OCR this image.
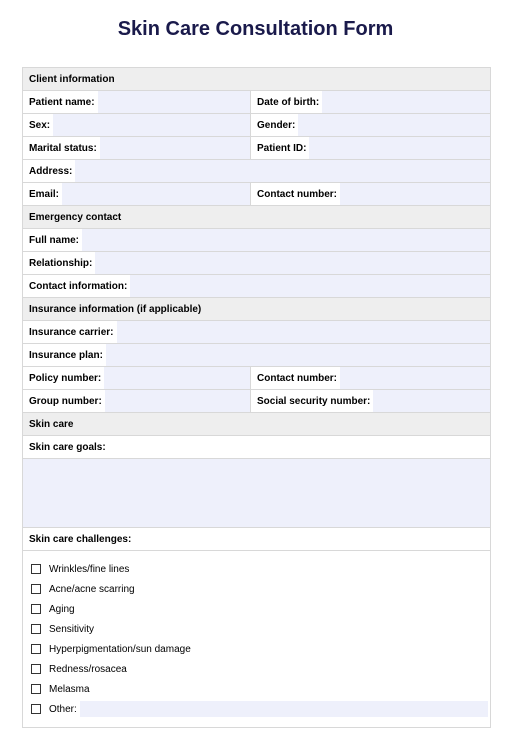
Skin Care Consultation Form
Client information
Patient name:	Date of birth:
Sex:	Gender:
Marital status:	Patient ID:
Address:
Email:	Contact number:
Emergency contact
Full name:
Relationship:
Contact information:
Insurance information (if applicable)
Insurance carrier:
Insurance plan:
Policy number:	Contact number:
Group number:	Social security number:
Skin care
Skin care goals:
Skin care challenges:
Wrinkles/fine lines
Acne/acne scarring
Aging
Sensitivity
Hyperpigmentation/sun damage
Redness/rosacea
Melasma
Other:
